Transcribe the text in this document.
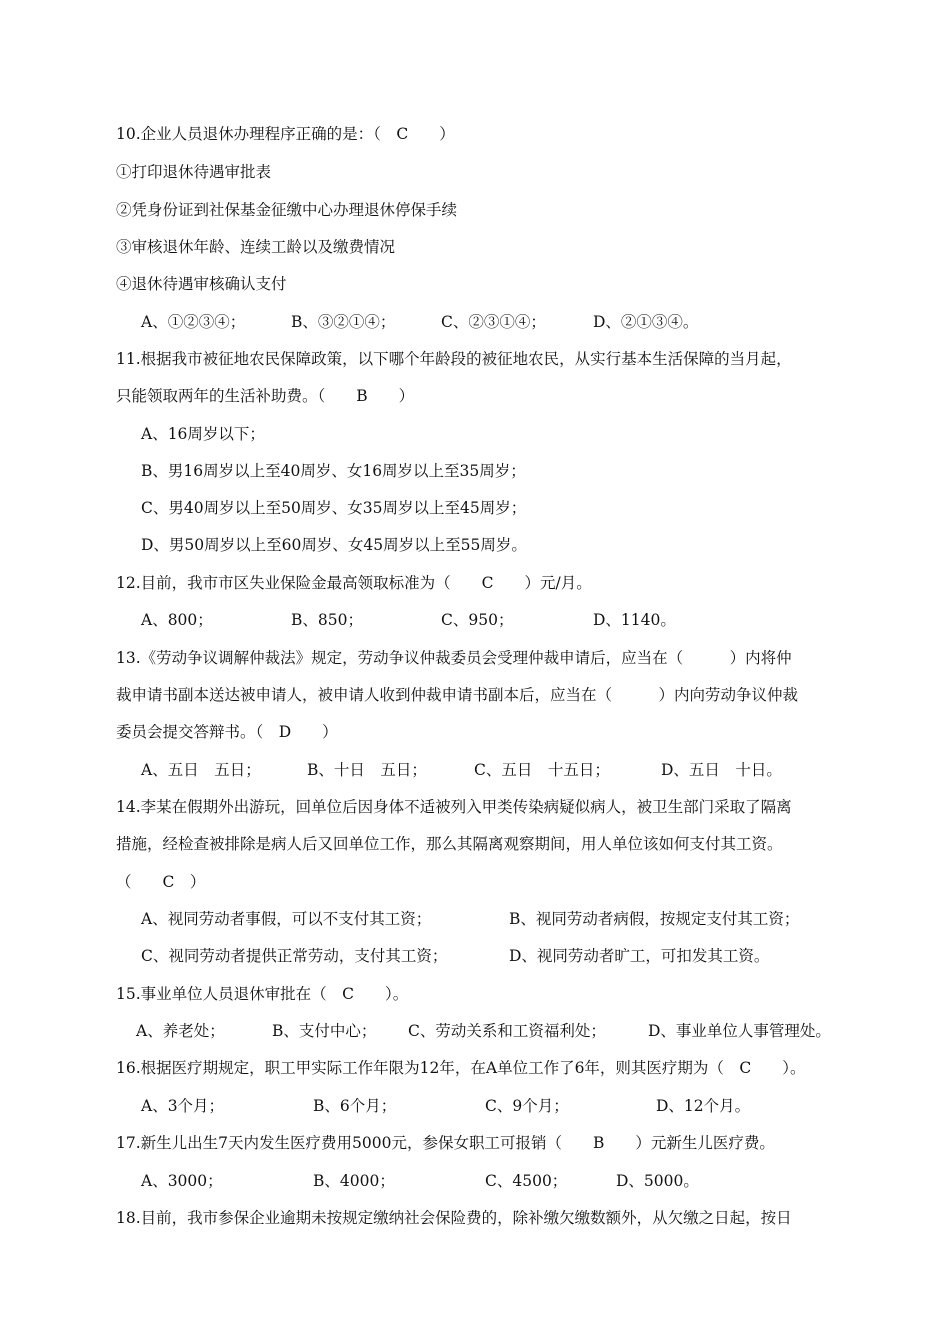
10.企业人员退休办理程序正确的是：（　C　　）
①打印退休待遇审批表
②凭身份证到社保基金征缴中心办理退休停保手续
③审核退休年龄、连续工龄以及缴费情况
④退休待遇审核确认支付
A、①②③④；	B、③②①④；	C、②③①④；	D、②①③④。
11.根据我市被征地农民保障政策，以下哪个年龄段的被征地农民，从实行基本生活保障的当月起，
只能领取两年的生活补助费。（　　B　　）
A、16周岁以下；
B、男16周岁以上至40周岁、女16周岁以上至35周岁；
C、男40周岁以上至50周岁、女35周岁以上至45周岁；
D、男50周岁以上至60周岁、女45周岁以上至55周岁。
12.目前，我市市区失业保险金最高领取标准为（　　C　　）元/月。
A、800；	B、850；	C、950；	D、1140。
13.《劳动争议调解仲裁法》规定，劳动争议仲裁委员会受理仲裁申请后，应当在（　　　）内将仲
裁申请书副本送达被申请人，被申请人收到仲裁申请书副本后，应当在（　　　）内向劳动争议仲裁
委员会提交答辩书。（　D　　）
A、五日　五日；	B、十日　五日；	C、五日　十五日；	D、五日　十日。
14.李某在假期外出游玩，回单位后因身体不适被列入甲类传染病疑似病人，被卫生部门采取了隔离
措施，经检查被排除是病人后又回单位工作，那么其隔离观察期间，用人单位该如何支付其工资。
（　　C　）
A、视同劳动者事假，可以不支付其工资；	B、视同劳动者病假，按规定支付其工资；
C、视同劳动者提供正常劳动，支付其工资；	D、视同劳动者旷工，可扣发其工资。
15.事业单位人员退休审批在（　C　　）。
A、养老处；	B、支付中心； C、劳动关系和工资福利处；	D、事业单位人事管理处。
16.根据医疗期规定，职工甲实际工作年限为12年，在A单位工作了6年，则其医疗期为（　C　　）。
A、3个月；	B、6个月；	C、9个月；	D、12个月。
17.新生儿出生7天内发生医疗费用5000元，参保女职工可报销（　　B　　）元新生儿医疗费。
A、3000；	B、4000；	C、4500；	D、5000。
18.目前，我市参保企业逾期未按规定缴纳社会保险费的，除补缴欠缴数额外，从欠缴之日起，按日
